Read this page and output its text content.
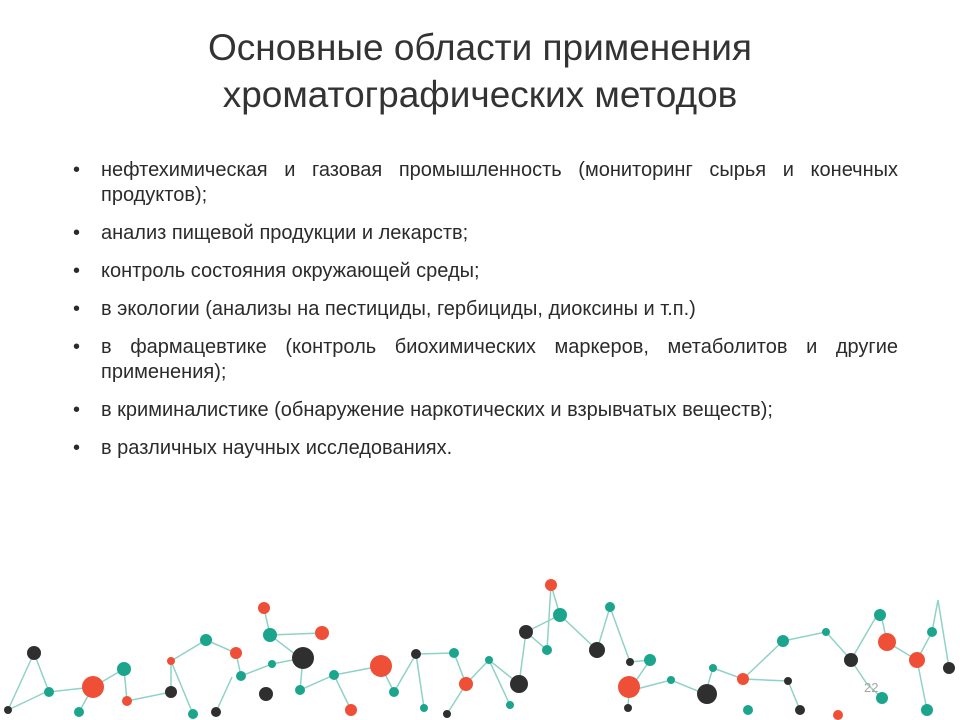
Основные области применения
хроматографических методов
• нефтехимическая и газовая промышленность (мониторинг сырья и конечных продуктов);
• анализ пищевой продукции и лекарств;
• контроль состояния окружающей среды;
• в экологии (анализы на пестициды, гербициды, диоксины и т.п.)
• в фармацевтике (контроль биохимических маркеров, метаболитов и другие применения);
• в криминалистике (обнаружение наркотических и взрывчатых веществ);
• в различных научных исследованиях.
22
